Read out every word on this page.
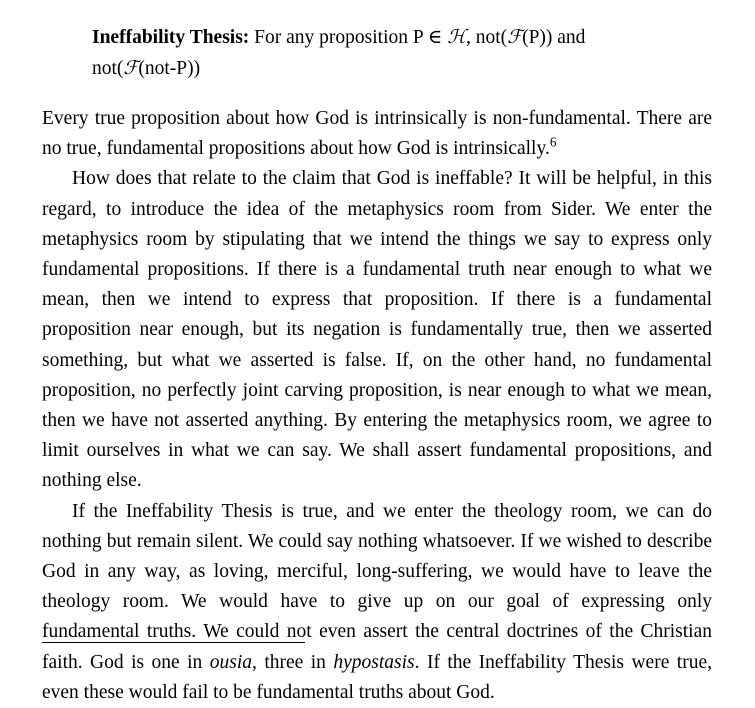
Ineffability Thesis: For any proposition P ∈ ℋ, not(ℱ(P)) and not(ℱ(not-P))

Every true proposition about how God is intrinsically is non-fundamental. There are no true, fundamental propositions about how God is intrinsically.$^6$

How does that relate to the claim that God is ineffable? It will be helpful, in this regard, to introduce the idea of the metaphysics room from Sider. We enter the metaphysics room by stipulating that we intend the things we say to express only fundamental propositions. If there is a fundamental truth near enough to what we mean, then we intend to express that proposition. If there is a fundamental proposition near enough, but its negation is fundamentally true, then we asserted something, but what we asserted is false. If, on the other hand, no fundamental proposition, no perfectly joint carving proposition, is near enough to what we mean, then we have not asserted anything. By entering the metaphysics room, we agree to limit ourselves in what we can say. We shall assert fundamental propositions, and nothing else.

If the Ineffability Thesis is true, and we enter the theology room, we can do nothing but remain silent. We could say nothing whatsoever. If we wished to describe God in any way, as loving, merciful, long-suffering, we would have to leave the theology room. We would have to give up on our goal of expressing only fundamental truths. We could not even assert the central doctrines of the Christian faith. God is one in ousia, three in hypostasis. If the Ineffability Thesis were true, even these would fail to be fundamental truths about God.
